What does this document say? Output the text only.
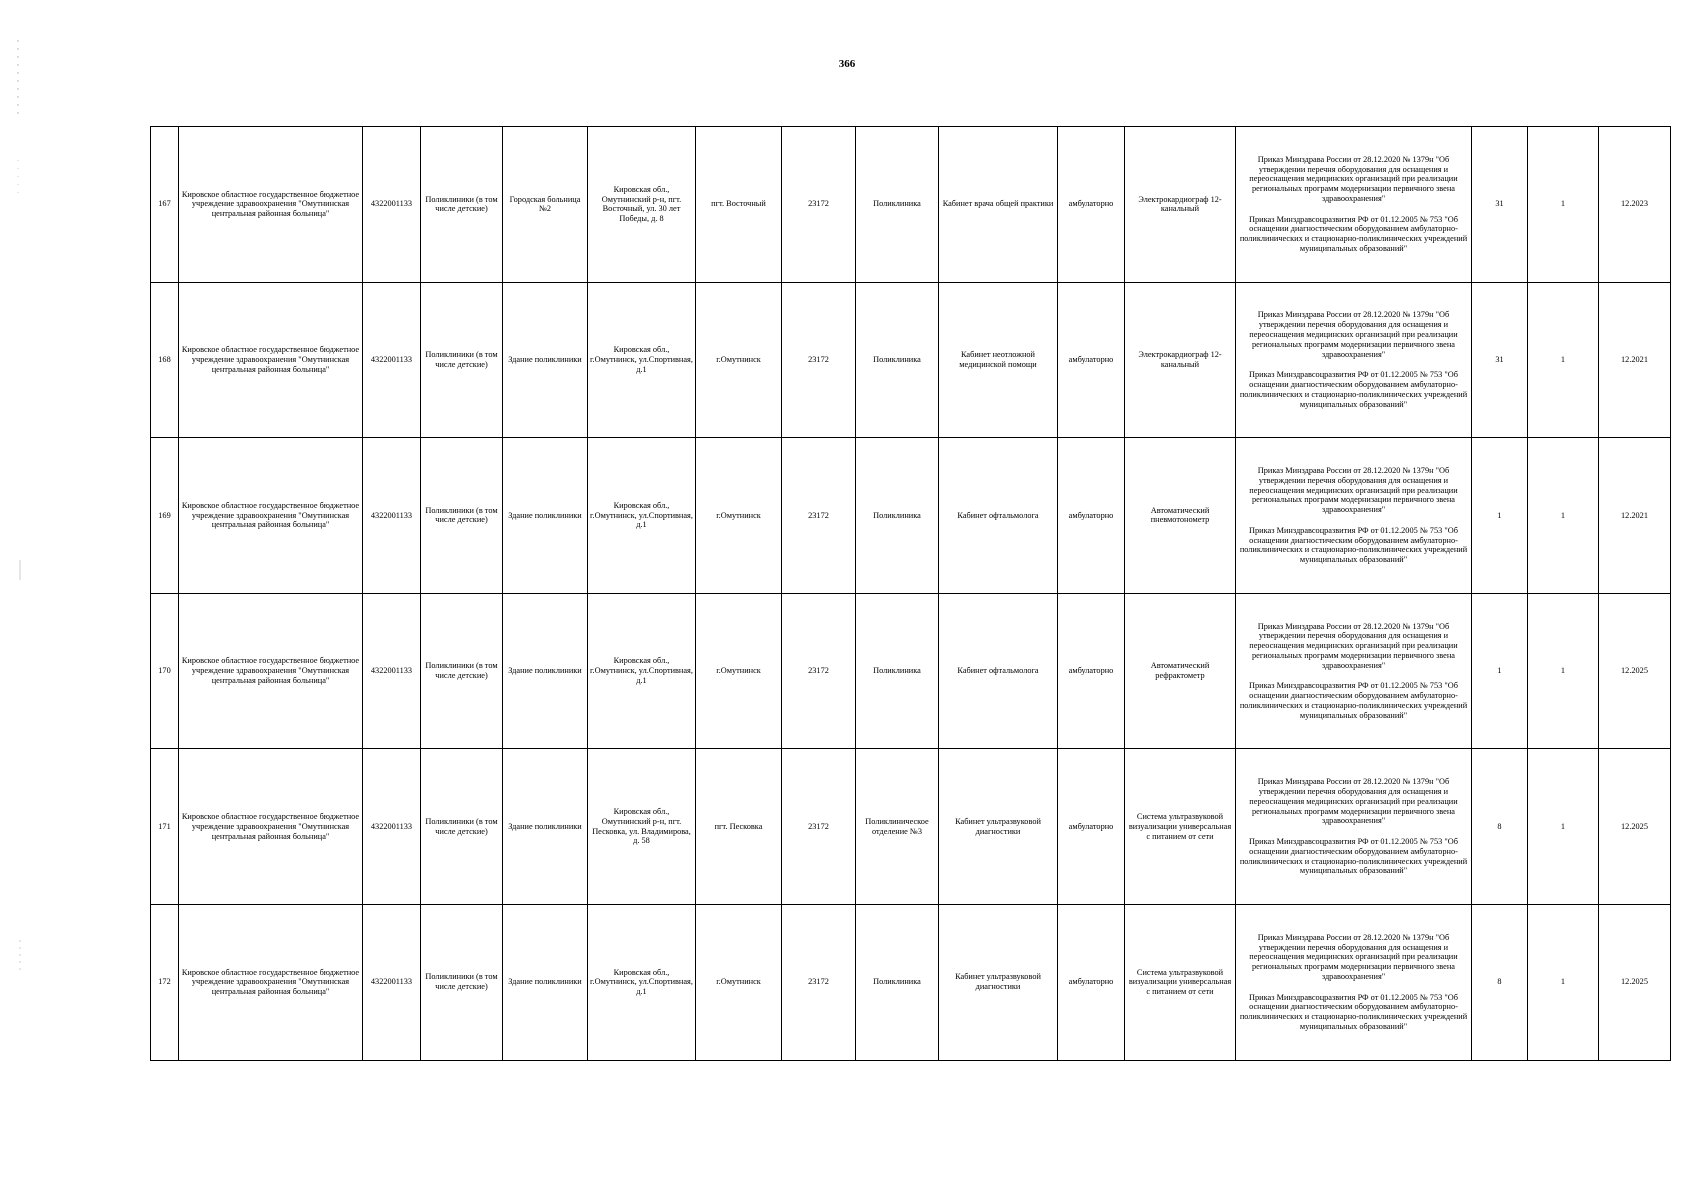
366
167	Кировское областное государственное бюджетное учреждение здравоохранения "Омутнинская центральная районная больница"	4322001133	Поликлиники (в том числе детские)	Городская больница №2	Кировская обл., Омутнинский р-н, пгт. Восточный, ул. 30 лет Победы, д. 8	пгт. Восточный	23172	Поликлиника	Кабинет врача общей практики	амбулаторно	Электрокардиограф 12-канальный	Приказ Минздрава России от 28.12.2020 № 1379н "Об утверждении перечня оборудования для оснащения и переоснащения медицинских организаций при реализации региональных программ модернизации первичного звена здравоохранения"

Приказ Минздравсоцразвития РФ от 01.12.2005 № 753 "Об оснащении диагностическим оборудованием амбулаторно-поликлинических и стационарно-поликлинических учреждений муниципальных образований"	31	1	12.2023
168	Кировское областное государственное бюджетное учреждение здравоохранения "Омутнинская центральная районная больница"	4322001133	Поликлиники (в том числе детские)	Здание поликлиники	Кировская обл., г.Омутнинск, ул.Спортивная, д.1	г.Омутнинск	23172	Поликлиника	Кабинет неотложной медицинской помощи	амбулаторно	Электрокардиограф 12-канальный	Приказ Минздрава России от 28.12.2020 № 1379н "Об утверждении перечня оборудования для оснащения и переоснащения медицинских организаций при реализации региональных программ модернизации первичного звена здравоохранения"

Приказ Минздравсоцразвития РФ от 01.12.2005 № 753 "Об оснащении диагностическим оборудованием амбулаторно-поликлинических и стационарно-поликлинических учреждений муниципальных образований"	31	1	12.2021
169	Кировское областное государственное бюджетное учреждение здравоохранения "Омутнинская центральная районная больница"	4322001133	Поликлиники (в том числе детские)	Здание поликлиники	Кировская обл., г.Омутнинск, ул.Спортивная, д.1	г.Омутнинск	23172	Поликлиника	Кабинет офтальмолога	амбулаторно	Автоматический пневмотонометр	Приказ Минздрава России от 28.12.2020 № 1379н "Об утверждении перечня оборудования для оснащения и переоснащения медицинских организаций при реализации региональных программ модернизации первичного звена здравоохранения"

Приказ Минздравсоцразвития РФ от 01.12.2005 № 753 "Об оснащении диагностическим оборудованием амбулаторно-поликлинических и стационарно-поликлинических учреждений муниципальных образований"	1	1	12.2021
170	Кировское областное государственное бюджетное учреждение здравоохранения "Омутнинская центральная районная больница"	4322001133	Поликлиники (в том числе детские)	Здание поликлиники	Кировская обл., г.Омутнинск, ул.Спортивная, д.1	г.Омутнинск	23172	Поликлиника	Кабинет офтальмолога	амбулаторно	Автоматический рефрактометр	Приказ Минздрава России от 28.12.2020 № 1379н "Об утверждении перечня оборудования для оснащения и переоснащения медицинских организаций при реализации региональных программ модернизации первичного звена здравоохранения"

Приказ Минздравсоцразвития РФ от 01.12.2005 № 753 "Об оснащении диагностическим оборудованием амбулаторно-поликлинических и стационарно-поликлинических учреждений муниципальных образований"	1	1	12.2025
171	Кировское областное государственное бюджетное учреждение здравоохранения "Омутнинская центральная районная больница"	4322001133	Поликлиники (в том числе детские)	Здание поликлиники	Кировская обл., Омутнинский р-н, пгт. Песковка, ул. Владимирова, д. 58	пгт. Песковка	23172	Поликлиническое отделение №3	Кабинет ультразвуковой диагностики	амбулаторно	Система ультразвуковой визуализации универсальная с питанием от сети	Приказ Минздрава России от 28.12.2020 № 1379н "Об утверждении перечня оборудования для оснащения и переоснащения медицинских организаций при реализации региональных программ модернизации первичного звена здравоохранения"

Приказ Минздравсоцразвития РФ от 01.12.2005 № 753 "Об оснащении диагностическим оборудованием амбулаторно-поликлинических и стационарно-поликлинических учреждений муниципальных образований"	8	1	12.2025
172	Кировское областное государственное бюджетное учреждение здравоохранения "Омутнинская центральная районная больница"	4322001133	Поликлиники (в том числе детские)	Здание поликлиники	Кировская обл., г.Омутнинск, ул.Спортивная, д.1	г.Омутнинск	23172	Поликлиника	Кабинет ультразвуковой диагностики	амбулаторно	Система ультразвуковой визуализации универсальная с питанием от сети	Приказ Минздрава России от 28.12.2020 № 1379н "Об утверждении перечня оборудования для оснащения и переоснащения медицинских организаций при реализации региональных программ модернизации первичного звена здравоохранения"

Приказ Минздравсоцразвития РФ от 01.12.2005 № 753 "Об оснащении диагностическим оборудованием амбулаторно-поликлинических и стационарно-поликлинических учреждений муниципальных образований"	8	1	12.2025
